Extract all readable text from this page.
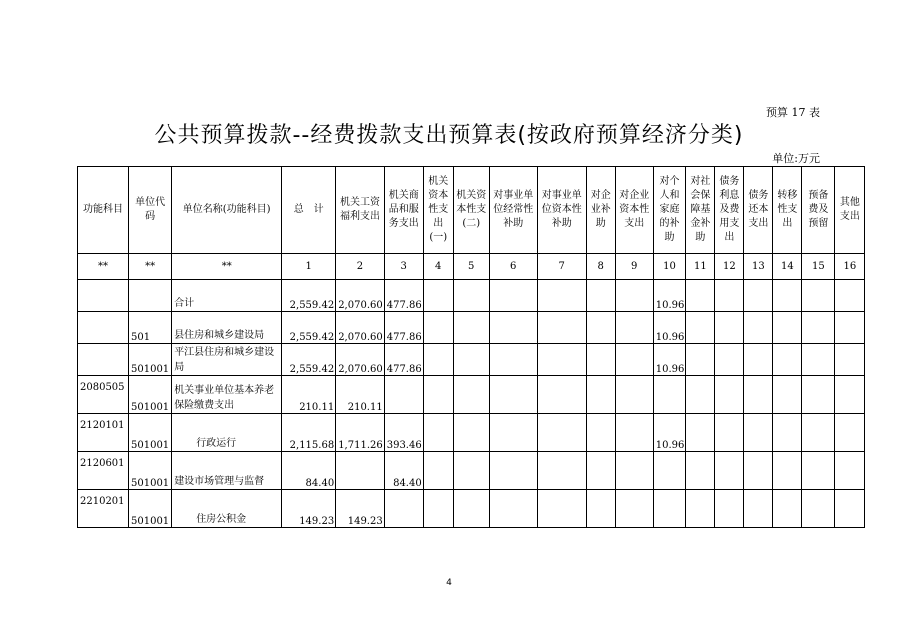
预算 17 表
公共预算拨款--经费拨款支出预算表(按政府预算经济分类)
单位:万元
功能科目	单位代码	单位名称(功能科目)	总　计	机关工资福利支出	机关商品和服务支出	机关资本性支出(一)	机关资本性支(二)	对事业单位经常性补助	对事业单位资本性补助	对企业补助	对企业资本性支出	对个人和家庭的补助	对社会保障基金补助	债务利息及费用支出	债务还本支出	转移性支出	预备费及预留	其他支出
**	**	**	1	2	3	4	5	6	7	8	9	10	11	12	13	14	15	16
		合计	2,559.42	2,070.60	477.86							10.96						
	501	县住房和城乡建设局	2,559.42	2,070.60	477.86							10.96						
	501001	平江县住房和城乡建设局	2,559.42	2,070.60	477.86							10.96						
2080505	501001	机关事业单位基本养老保险缴费支出	210.11	210.11														
2120101	501001	行政运行	2,115.68	1,711.26	393.46							10.96						
2120601	501001	建设市场管理与监督	84.40		84.40													
2210201	501001	住房公积金	149.23	149.23														
4
